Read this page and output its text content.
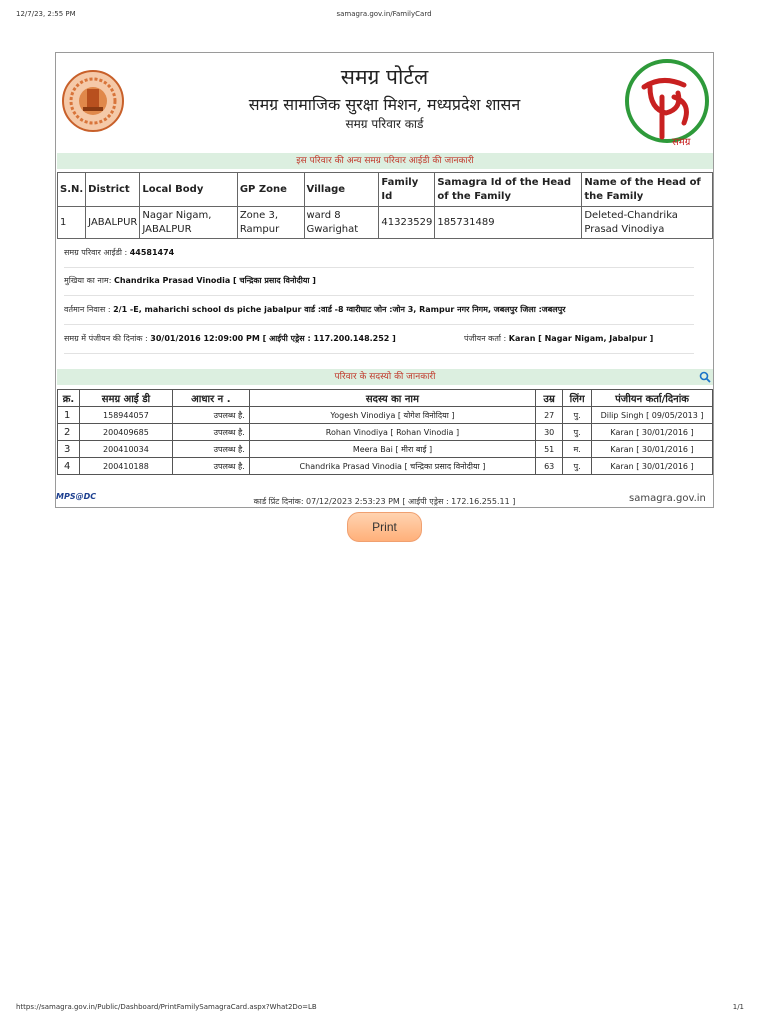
12/7/23, 2:55 PM	samagra.gov.in/FamilyCard
समग्र पोर्टल
समग्र सामाजिक सुरक्षा मिशन, मध्यप्रदेश शासन
समग्र परिवार कार्ड
समग्र
इस परिवार की अन्य समग्र परिवार आईडी की जानकारी
S.N.	District	Local Body	GP Zone	Village	Family Id	Samagra Id of the Head of the Family	Name of the Head of the Family
1	JABALPUR	Nagar Nigam, JABALPUR	Zone 3, Rampur	ward 8 Gwarighat	41323529	185731489	Deleted-Chandrika Prasad Vinodiya
समग्र परिवार आईडी : 44581474
मुखिया का नाम: Chandrika Prasad Vinodia [ चन्द्रिका प्रसाद विनोदीया ]
वर्तमान निवास : 2/1 -E, maharichi school ds piche jabalpur वार्ड :वार्ड -8 ग्वारीघाट जोन :जोन 3, Rampur नगर निगम, जबलपुर जिला :जबलपुर
समग्र में पंजीयन की दिनांक : 30/01/2016 12:09:00 PM [ आईपी एड्रेस : 117.200.148.252 ]	पंजीयन कर्ता : Karan [ Nagar Nigam, Jabalpur ]
परिवार के सदस्यो की जानकारी
क्र.	समग्र आई डी	आधार न .	सदस्य का नाम	उम्र	लिंग	पंजीयन कर्ता/दिनांक
1	158944057	उपलब्ध है.	Yogesh Vinodiya [ योगेश विनोदिया ]	27	पु.	Dilip Singh [ 09/05/2013 ]
2	200409685	उपलब्ध है.	Rohan Vinodiya [ Rohan Vinodia ]	30	पु.	Karan [ 30/01/2016 ]
3	200410034	उपलब्ध है.	Meera Bai [ मीरा बाई ]	51	म.	Karan [ 30/01/2016 ]
4	200410188	उपलब्ध है.	Chandrika Prasad Vinodia [ चन्द्रिका प्रसाद विनोदीया ]	63	पु.	Karan [ 30/01/2016 ]
MPS@DC
कार्ड प्रिंट दिनांक: 07/12/2023 2:53:23 PM [ आईपी एड्रेस : 172.16.255.11 ]	samagra.gov.in
Print
https://samagra.gov.in/Public/Dashboard/PrintFamilySamagraCard.aspx?What2Do=LB	1/1
